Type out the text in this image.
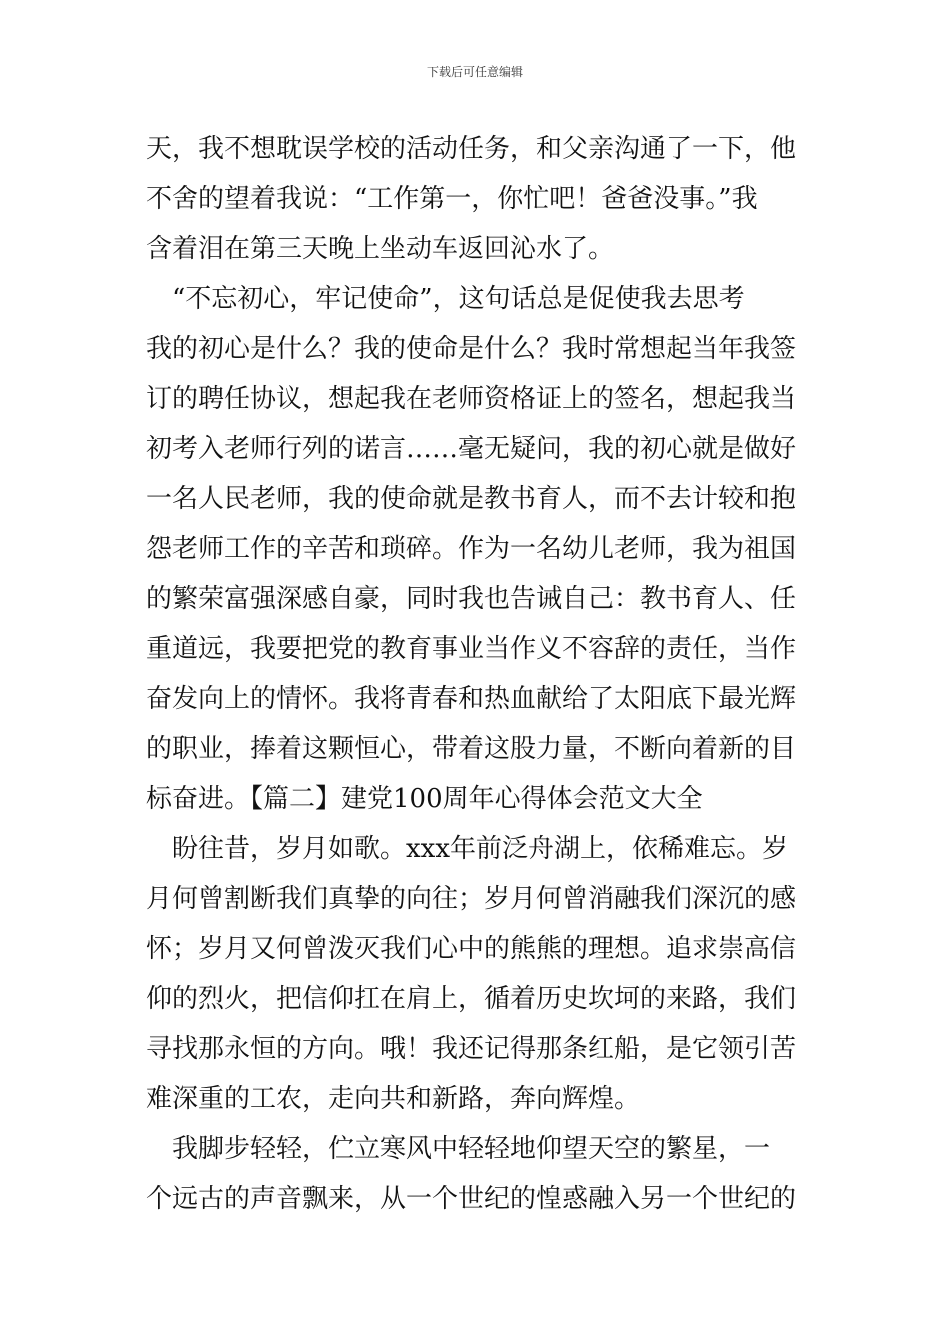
下载后可任意编辑
天，我不想耽误学校的活动任务，和父亲沟通了一下，他
不舍的望着我说：“工作第一，你忙吧！爸爸没事。”我
含着泪在第三天晚上坐动车返回沁水了。
　“不忘初心，牢记使命”，这句话总是促使我去思考
我的初心是什么？我的使命是什么？我时常想起当年我签
订的聘任协议，想起我在老师资格证上的签名，想起我当
初考入老师行列的诺言……毫无疑问，我的初心就是做好
一名人民老师，我的使命就是教书育人，而不去计较和抱
怨老师工作的辛苦和琐碎。作为一名幼儿老师，我为祖国
的繁荣富强深感自豪，同时我也告诫自己：教书育人、任
重道远，我要把党的教育事业当作义不容辞的责任，当作
奋发向上的情怀。我将青春和热血献给了太阳底下最光辉
的职业，捧着这颗恒心，带着这股力量，不断向着新的目
标奋进。【篇二】建党100周年心得体会范文大全
　盼往昔，岁月如歌。xxx年前泛舟湖上，依稀难忘。岁
月何曾割断我们真挚的向往；岁月何曾消融我们深沉的感
怀；岁月又何曾泼灭我们心中的熊熊的理想。追求崇高信
仰的烈火，把信仰扛在肩上，循着历史坎坷的来路，我们
寻找那永恒的方向。哦！我还记得那条红船，是它领引苦
难深重的工农，走向共和新路，奔向辉煌。
　我脚步轻轻，伫立寒风中轻轻地仰望天空的繁星，一
个远古的声音飘来，从一个世纪的惶惑融入另一个世纪的
